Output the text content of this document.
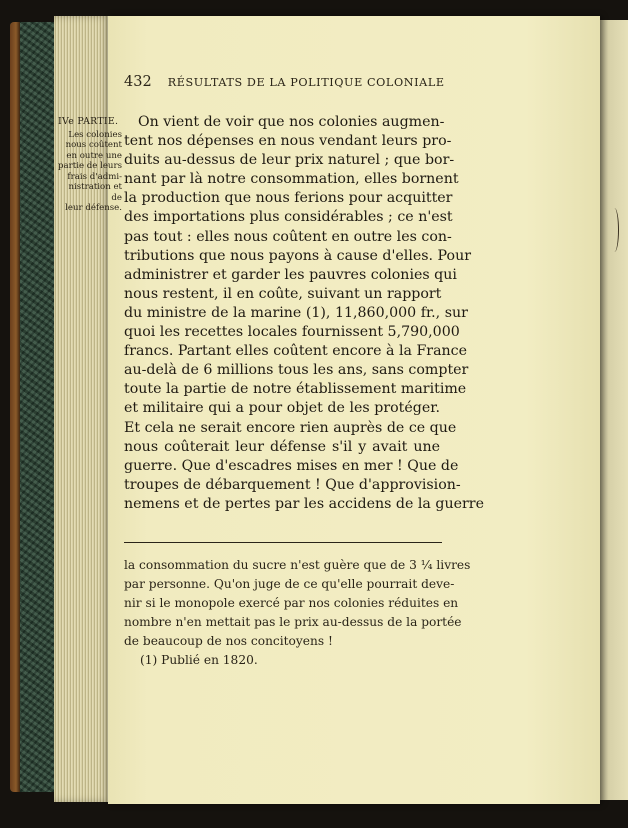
432 RÉSULTATS DE LA POLITIQUE COLONIALE
IVe PARTIE.
Les colonies
nous coûtent
en outre une
partie de leurs
frais d'admi-
nistration et de
leur défense.
On vient de voir que nos colonies augmen-
tent nos dépenses en nous vendant leurs pro-
duits au-dessus de leur prix naturel ; que bor-
nant par là notre consommation, elles bornent
la production que nous ferions pour acquitter
des importations plus considérables ; ce n'est
pas tout : elles nous coûtent en outre les con-
tributions que nous payons à cause d'elles. Pour
administrer et garder les pauvres colonies qui
nous restent, il en coûte, suivant un rapport
du ministre de la marine (1), 11,860,000 fr., sur
quoi les recettes locales fournissent 5,790,000
francs. Partant elles coûtent encore à la France
au-delà de 6 millions tous les ans, sans compter
toute la partie de notre établissement maritime
et militaire qui a pour objet de les protéger.
Et cela ne serait encore rien auprès de ce que
nous coûterait leur défense s'il y avait une
guerre. Que d'escadres mises en mer ! Que de
troupes de débarquement ! Que d'approvision-
nemens et de pertes par les accidens de la guerre
la consommation du sucre n'est guère que de 3 ¼ livres
par personne. Qu'on juge de ce qu'elle pourrait deve-
nir si le monopole exercé par nos colonies réduites en
nombre n'en mettait pas le prix au-dessus de la portée
de beaucoup de nos concitoyens !
(1) Publié en 1820.
